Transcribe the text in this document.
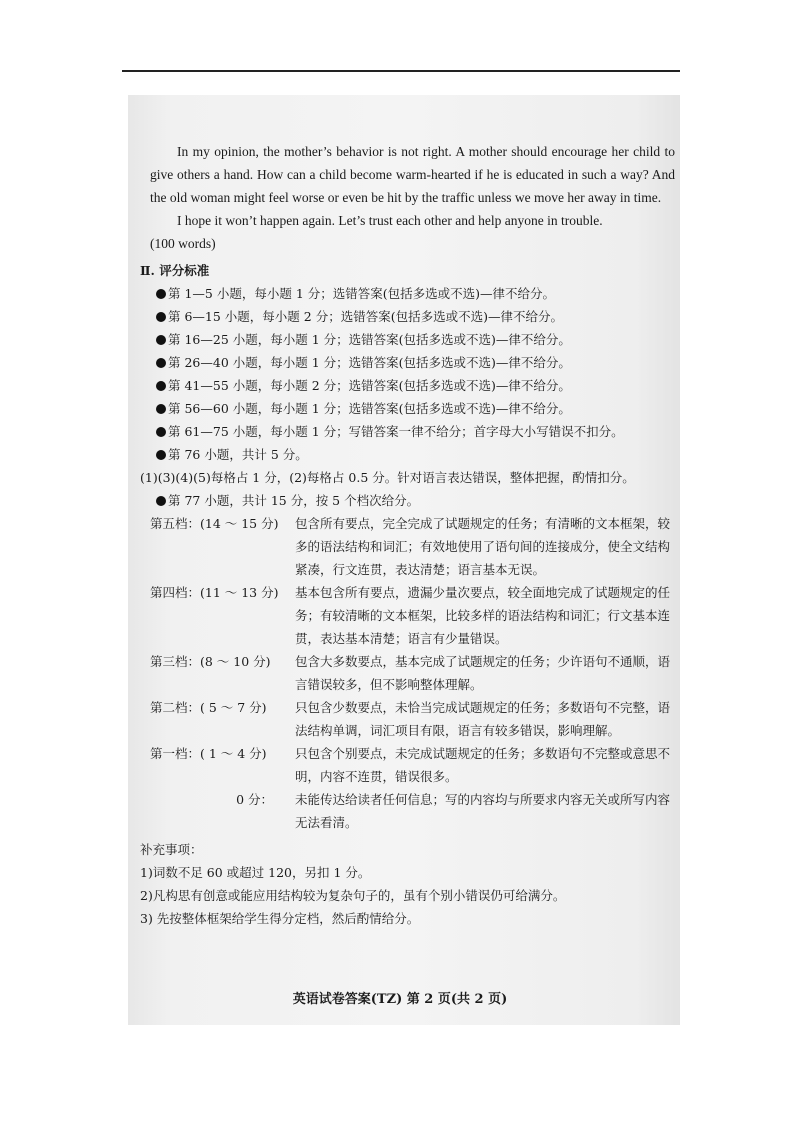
In my opinion, the mother’s behavior is not right. A mother should encourage her child to give others a hand. How can a child become warm-hearted if he is educated in such a way? And the old woman might feel worse or even be hit by the traffic unless we move her away in time.

I hope it won’t happen again. Let’s trust each other and help anyone in trouble.

(100 words)

Ⅱ. 评分标准

第 1—5 小题，每小题 1 分；选错答案(包括多选或不选)—律不给分。

第 6—15 小题，每小题 2 分；选错答案(包括多选或不选)—律不给分。

第 16—25 小题，每小题 1 分；选错答案(包括多选或不选)—律不给分。

第 26—40 小题，每小题 1 分；选错答案(包括多选或不选)—律不给分。

第 41—55 小题，每小题 2 分；选错答案(包括多选或不选)—律不给分。

第 56—60 小题，每小题 1 分；选错答案(包括多选或不选)—律不给分。

第 61—75 小题，每小题 1 分；写错答案一律不给分；首字母大小写错误不扣分。

第 76 小题，共计 5 分。

(1)(3)(4)(5)每格占 1 分，(2)每格占 0.5 分。针对语言表达错误，整体把握，酌情扣分。

第 77 小题，共计 15 分，按 5 个档次给分。

第五档：(14 ～ 15 分)	包含所有要点，完全完成了试题规定的任务；有清晰的文本框架，较多的语法结构和词汇；有效地使用了语句间的连接成分，使全文结构紧凑，行文连贯，表达清楚；语言基本无误。
第四档：(11 ～ 13 分)	基本包含所有要点，遗漏少量次要点，较全面地完成了试题规定的任务；有较清晰的文本框架，比较多样的语法结构和词汇；行文基本连贯，表达基本清楚；语言有少量错误。
第三档：(8 ～ 10 分)	包含大多数要点，基本完成了试题规定的任务；少许语句不通顺，语言错误较多，但不影响整体理解。
第二档：( 5 ～ 7 分)	只包含少数要点，未恰当完成试题规定的任务；多数语句不完整，语法结构单调，词汇项目有限，语言有较多错误，影响理解。
第一档：( 1 ～ 4 分)	只包含个别要点，未完成试题规定的任务；多数语句不完整或意思不明，内容不连贯，错误很多。
0 分：	未能传达给读者任何信息；写的内容均与所要求内容无关或所写内容无法看清。

补充事项：

1)词数不足 60 或超过 120，另扣 1 分。

2)凡构思有创意或能应用结构较为复杂句子的，虽有个别小错误仍可给满分。

3) 先按整体框架给学生得分定档，然后酌情给分。

英语试卷答案(TZ) 第 2 页(共 2 页)
